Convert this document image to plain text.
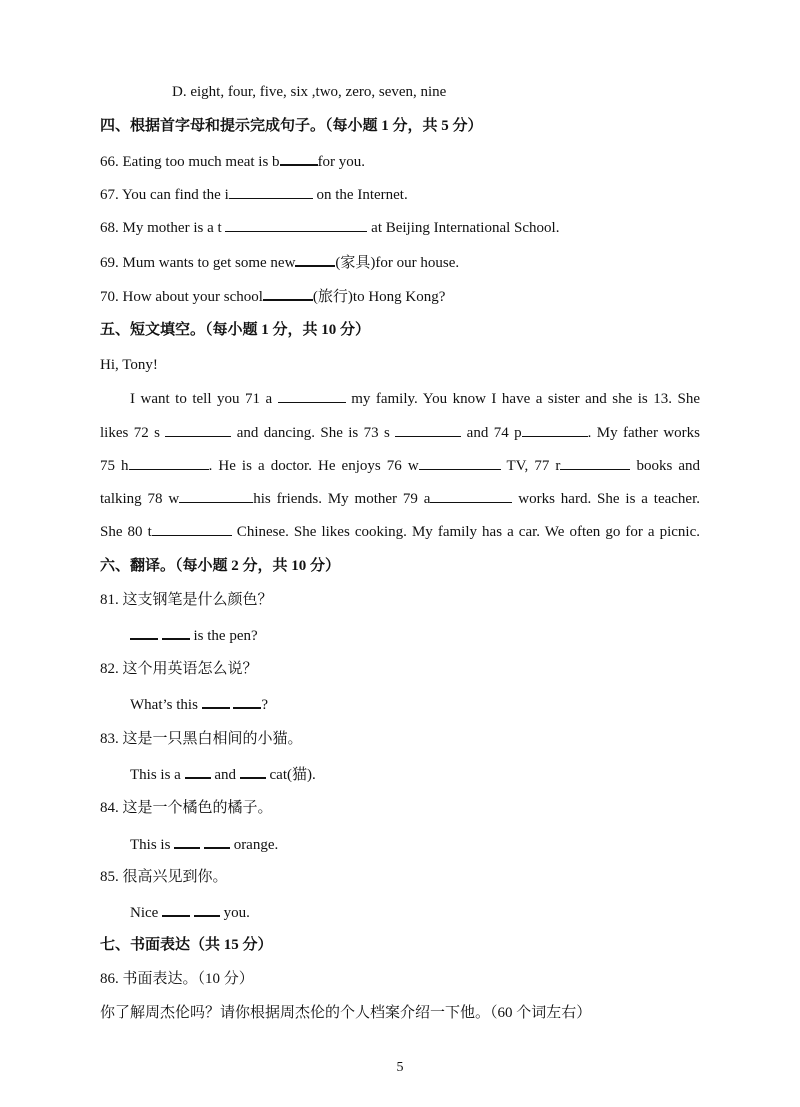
D. eight, four, five, six ,two, zero, seven, nine
四、根据首字母和提示完成句子。（每小题 1 分，共 5 分）
66. Eating too much meat is b	for you.
67. You can find the i	on the Internet.
68. My mother is a t	at Beijing International School.
69. Mum wants to get some new	(家具)for our house.
70. How about your school	(旅行)to Hong Kong?
五、短文填空。（每小题 1 分，共 10 分）
Hi, Tony!
I want to tell you 71 a	my family. You know I have a sister and she is 13. She
likes 72 s	and dancing. She is 73 s	and 74 p	. My father works
75 h	. He is a doctor. He enjoys 76 w	TV, 77 r	books and
talking 78 w	his friends. My mother 79 a	works hard. She is a teacher.
She 80 t	Chinese. She likes cooking. My family has a car. We often go for a picnic.
六、翻译。（每小题 2 分，共 10 分）
81. 这支钢笔是什么颜色？
is the pen?
82. 这个用英语怎么说？
What’s this	?
83. 这是一只黑白相间的小猫。
This is a  and  cat(猫).
84. 这是一个橘色的橘子。
This is	orange.
85. 很高兴见到你。
Nice	you.
七、书面表达（共 15 分）
86. 书面表达。（10 分）
你了解周杰伦吗？请你根据周杰伦的个人档案介绍一下他。（60 个词左右）
5
